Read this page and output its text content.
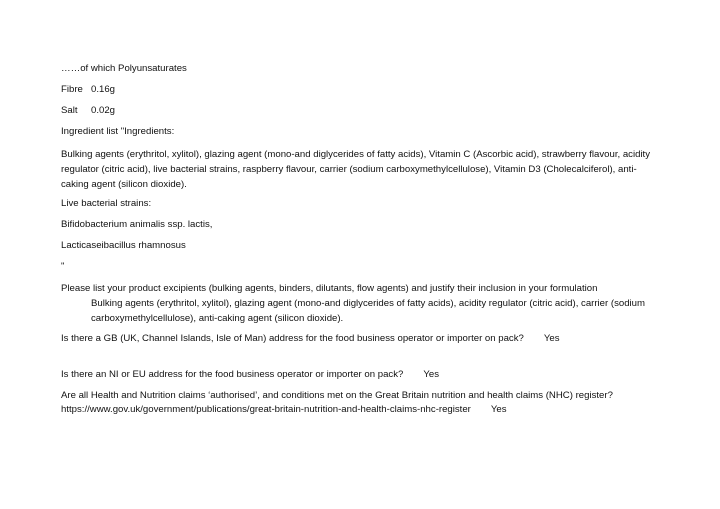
……of which Polyunsaturates
Fibre 0.16g
Salt 0.02g
Ingredient list "Ingredients:
Bulking agents (erythritol, xylitol), glazing agent (mono-and diglycerides of fatty acids), Vitamin C (Ascorbic acid), strawberry flavour, acidity regulator (citric acid), live bacterial strains, raspberry flavour, carrier (sodium carboxymethylcellulose), Vitamin D3 (Cholecalciferol), anti-caking agent (silicon dioxide).
Live bacterial strains:
Bifidobacterium animalis ssp. lactis,
Lacticaseibacillus rhamnosus
"
Please list your product excipients (bulking agents, binders, dilutants, flow agents) and justify their inclusion in your formulation
Bulking agents (erythritol, xylitol), glazing agent (mono-and diglycerides of fatty acids), acidity regulator (citric acid), carrier (sodium carboxymethylcellulose), anti-caking agent (silicon dioxide).
Is there a GB (UK, Channel Islands, Isle of Man) address for the food business operator or importer on pack? Yes
Is there an NI or EU address for the food business operator or importer on pack? Yes
Are all Health and Nutrition claims ‘authorised’, and conditions met on the Great Britain nutrition and health claims (NHC) register?
https://www.gov.uk/government/publications/great-britain-nutrition-and-health-claims-nhc-register Yes
